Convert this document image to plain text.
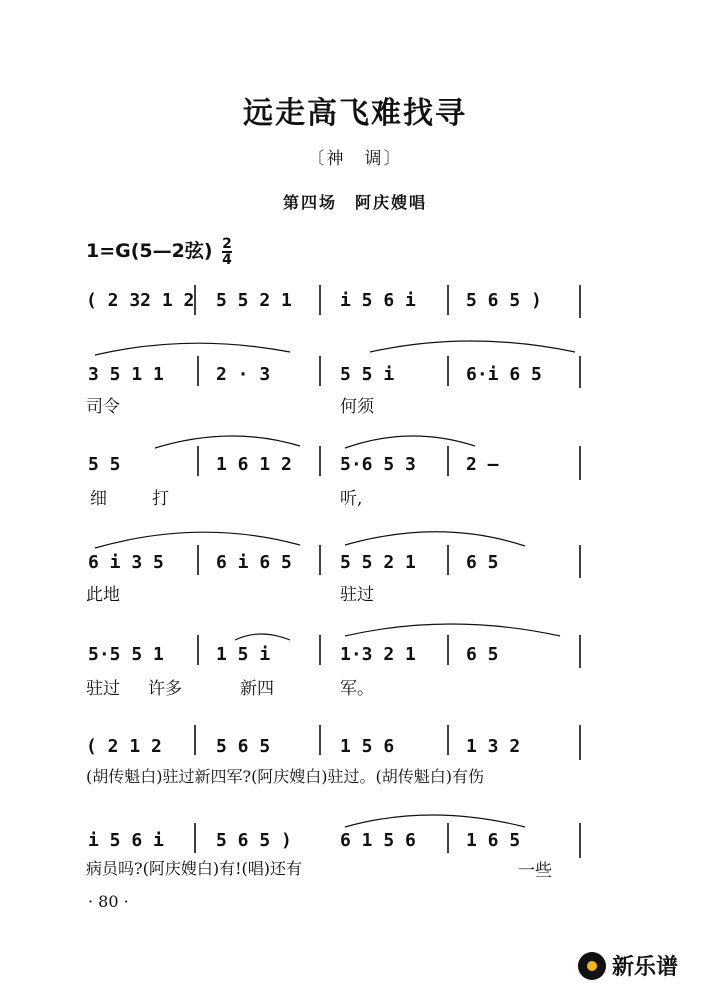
远走高飞难找寻
〔神　调〕
第四场　阿庆嫂唱
1=G(5—2弦) $\frac{2}{4}$
( 2 32 1 2 5 5 2 1	i 5 6 i	5 6 5 )
3 5 1 1	2 · 3	5 5 i	6·i 6 5
司令	何须
5 5	1 6 1 2	5·6 5 3	2 –
细	打	听,
6 i 3 5	6 i 6 5	5 5 2 1	6 5
此地	驻过
5·5 5 1	1 5 i	1·3 2 1	6 5
驻过 许多	新四	军。
( 2 1 2	5 6 5	1 5 6	1 3 2
(胡传魁白)驻过新四军?(阿庆嫂白)驻过。(胡传魁白)有伤
i 5 6 i	5 6 5 )	6 1 5 6	1 6 5
病员吗?(阿庆嫂白)有!(唱)还有	一些
· 80 ·
新乐谱
